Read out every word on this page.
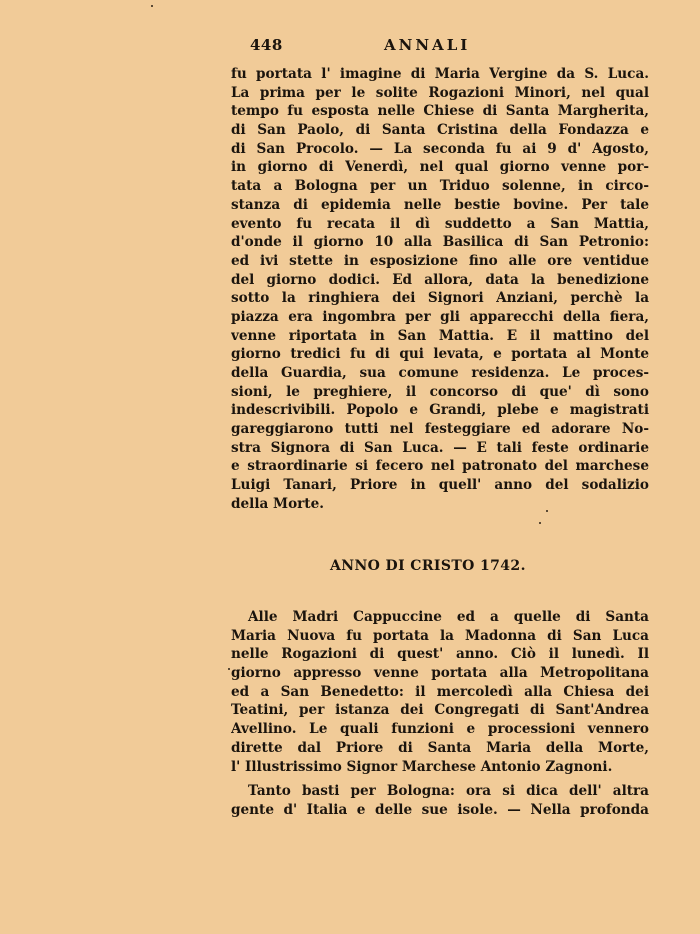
448	ANNALI
fu portata l' imagine di Maria Vergine da S. Luca.
La prima per le solite Rogazioni Minori, nel qual
tempo fu esposta nelle Chiese di Santa Margherita,
di San Paolo, di Santa Cristina della Fondazza e
di San Procolo. — La seconda fu ai 9 d' Agosto,
in giorno di Venerdì, nel qual giorno venne por-
tata a Bologna per un Triduo solenne, in circo-
stanza di epidemia nelle bestie bovine. Per tale
evento fu recata il dì suddetto a San Mattia,
d'onde il giorno 10 alla Basilica di San Petronio:
ed ivi stette in esposizione fino alle ore ventidue
del giorno dodici. Ed allora, data la benedizione
sotto la ringhiera dei Signori Anziani, perchè la
piazza era ingombra per gli apparecchi della fiera,
venne riportata in San Mattia. E il mattino del
giorno tredici fu di qui levata, e portata al Monte
della Guardia, sua comune residenza. Le proces-
sioni, le preghiere, il concorso di que' dì sono
indescrivibili. Popolo e Grandi, plebe e magistrati
gareggiarono tutti nel festeggiare ed adorare No-
stra Signora di San Luca. — E tali feste ordinarie
e straordinarie si fecero nel patronato del marchese
Luigi Tanari, Priore in quell' anno del sodalizio
della Morte.
ANNO DI CRISTO 1742.
Alle Madri Cappuccine ed a quelle di Santa
Maria Nuova fu portata la Madonna di San Luca
nelle Rogazioni di quest' anno. Ciò il lunedì. Il
giorno appresso venne portata alla Metropolitana
ed a San Benedetto: il mercoledì alla Chiesa dei
Teatini, per istanza dei Congregati di Sant'Andrea
Avellino. Le quali funzioni e processioni vennero
dirette dal Priore di Santa Maria della Morte,
l' Illustrissimo Signor Marchese Antonio Zagnoni.
Tanto basti per Bologna: ora si dica dell' altra
gente d' Italia e delle sue isole. — Nella profonda
